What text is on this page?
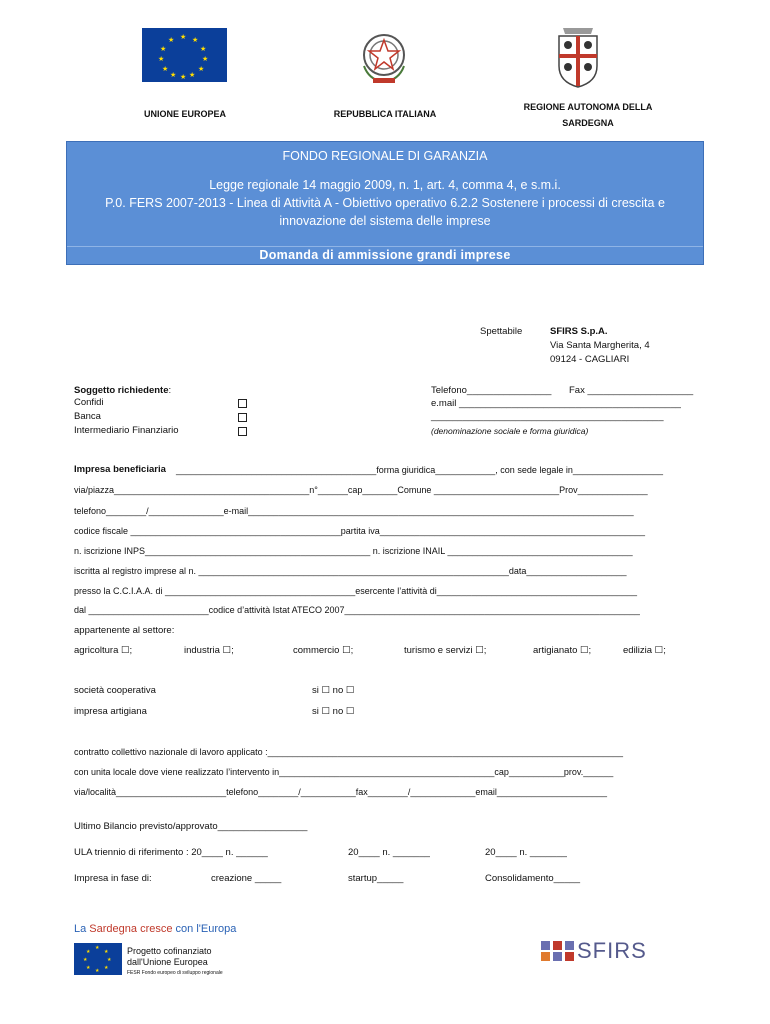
★ ★
★
★
★
★
★
★
★
★
★
★
UNIONE EUROPEA	REPUBBLICA ITALIANA
REGIONE AUTONOMA DELLA
SARDEGNA
FONDO REGIONALE DI GARANZIA
Legge regionale 14 maggio 2009, n. 1, art. 4, comma 4, e s.m.i.
P.0. FERS 2007-2013 - Linea di Attività A - Obiettivo operativo 6.2.2 Sostenere i processi di crescita e
innovazione del sistema delle imprese
Domanda di ammissione grandi imprese
Spettabile	SFIRS S.p.A.
Via Santa Margherita, 4
09124 - CAGLIARI
Soggetto richiedente:
Confidi
Banca
Intermediario Finanziario
Telefono________________ Fax ____________________
e.mail __________________________________________
____________________________________________
(denominazione sociale e forma giuridica)
Impresa beneficiaria ________________________________________forma giuridica____________, con sede legale in__________________
via/piazza_______________________________________n°______cap_______Comune _________________________Prov______________
telefono________/_______________e-mail_____________________________________________________________________________
codice fiscale __________________________________________partita iva_____________________________________________________
n. iscrizione INPS_____________________________________________ n. iscrizione INAIL _____________________________________
iscritta al registro imprese al n. ______________________________________________________________data____________________
presso la C.C.I.A.A. di ______________________________________esercente l’attività di________________________________________
dal ________________________codice d’attività Istat ATECO 2007___________________________________________________________
appartenente al settore:
agricoltura ☐;	industria ☐;	commercio ☐;	turismo e servizi ☐;	artigianato ☐;	edilizia ☐;
società cooperativa	si ☐ no ☐
impresa artigiana	si ☐ no ☐
contratto collettivo nazionale di lavoro applicato :_______________________________________________________________________
con unita locale dove viene realizzato l’intervento in___________________________________________cap___________prov.______
via/località______________________telefono________/___________fax________/_____________email______________________
Ultimo Bilancio previsto/approvato_________________
ULA triennio di riferimento : 20____ n. ______	20____ n. _______	20____ n. _______
Impresa in fase di:	creazione _____	startup_____	Consolidamento_____
La Sardegna cresce con l'Europa
★
★
★
★
★
★
★
★	Progetto cofinanziato
dall'Unione Europea
FESR Fondo europeo di sviluppo regionale
SFIRS
